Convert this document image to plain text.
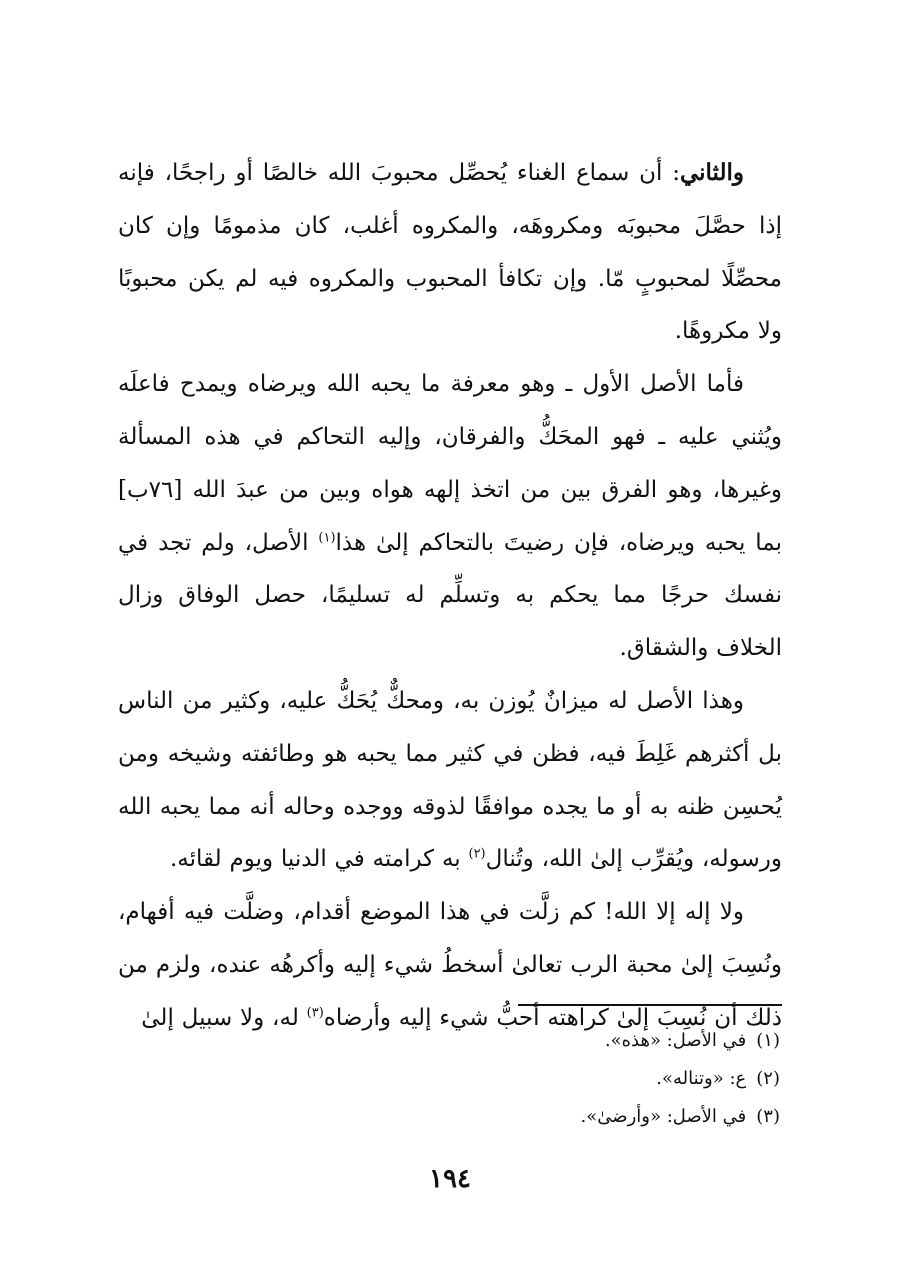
والثاني: أن سماع الغناء يُحصِّل محبوبَ الله خالصًا أو راجحًا، فإنه إذا حصَّلَ محبوبَه ومكروهَه، والمكروه أغلب، كان مذمومًا وإن كان محصِّلًا لمحبوبٍ مّا. وإن تكافأ المحبوب والمكروه فيه لم يكن محبوبًا ولا مكروهًا.

فأما الأصل الأول ـ وهو معرفة ما يحبه الله ويرضاه ويمدح فاعلَه ويُثني عليه ـ فهو المحَكُّ والفرقان، وإليه التحاكم في هذه المسألة وغيرها، وهو الفرق بين من اتخذ إلهه هواه وبين من عبدَ الله [٧٦ب] بما يحبه ويرضاه، فإن رضيتَ بالتحاكم إلىٰ هذا$^{(١)}$ الأصل، ولم تجد في نفسك حرجًا مما يحكم به وتسلِّم له تسليمًا، حصل الوفاق وزال الخلاف والشقاق.

وهذا الأصل له ميزانٌ يُوزن به، ومحكٌّ يُحَكُّ عليه، وكثير من الناس بل أكثرهم غَلِطَ فيه، فظن في كثير مما يحبه هو وطائفته وشيخه ومن يُحسِن ظنه به أو ما يجده موافقًا لذوقه ووجده وحاله أنه مما يحبه الله ورسوله، ويُقرِّب إلىٰ الله، وتُنال$^{(٢)}$ به كرامته في الدنيا ويوم لقائه.

ولا إله إلا الله! كم زلَّت في هذا الموضع أقدام، وضلَّت فيه أفهام، ونُسِبَ إلىٰ محبة الرب تعالىٰ أسخطُ شيء إليه وأكرهُه عنده، ولزم من ذلك أن نُسِبَ إلىٰ كراهته أحبُّ شيء إليه وأرضاه$^{(٣)}$ له، ولا سبيل إلىٰ

(١)في الأصل: «هذه».

(٢)ع: «وتناله».

(٣)في الأصل: «وأرضىٰ».

١٩٤
